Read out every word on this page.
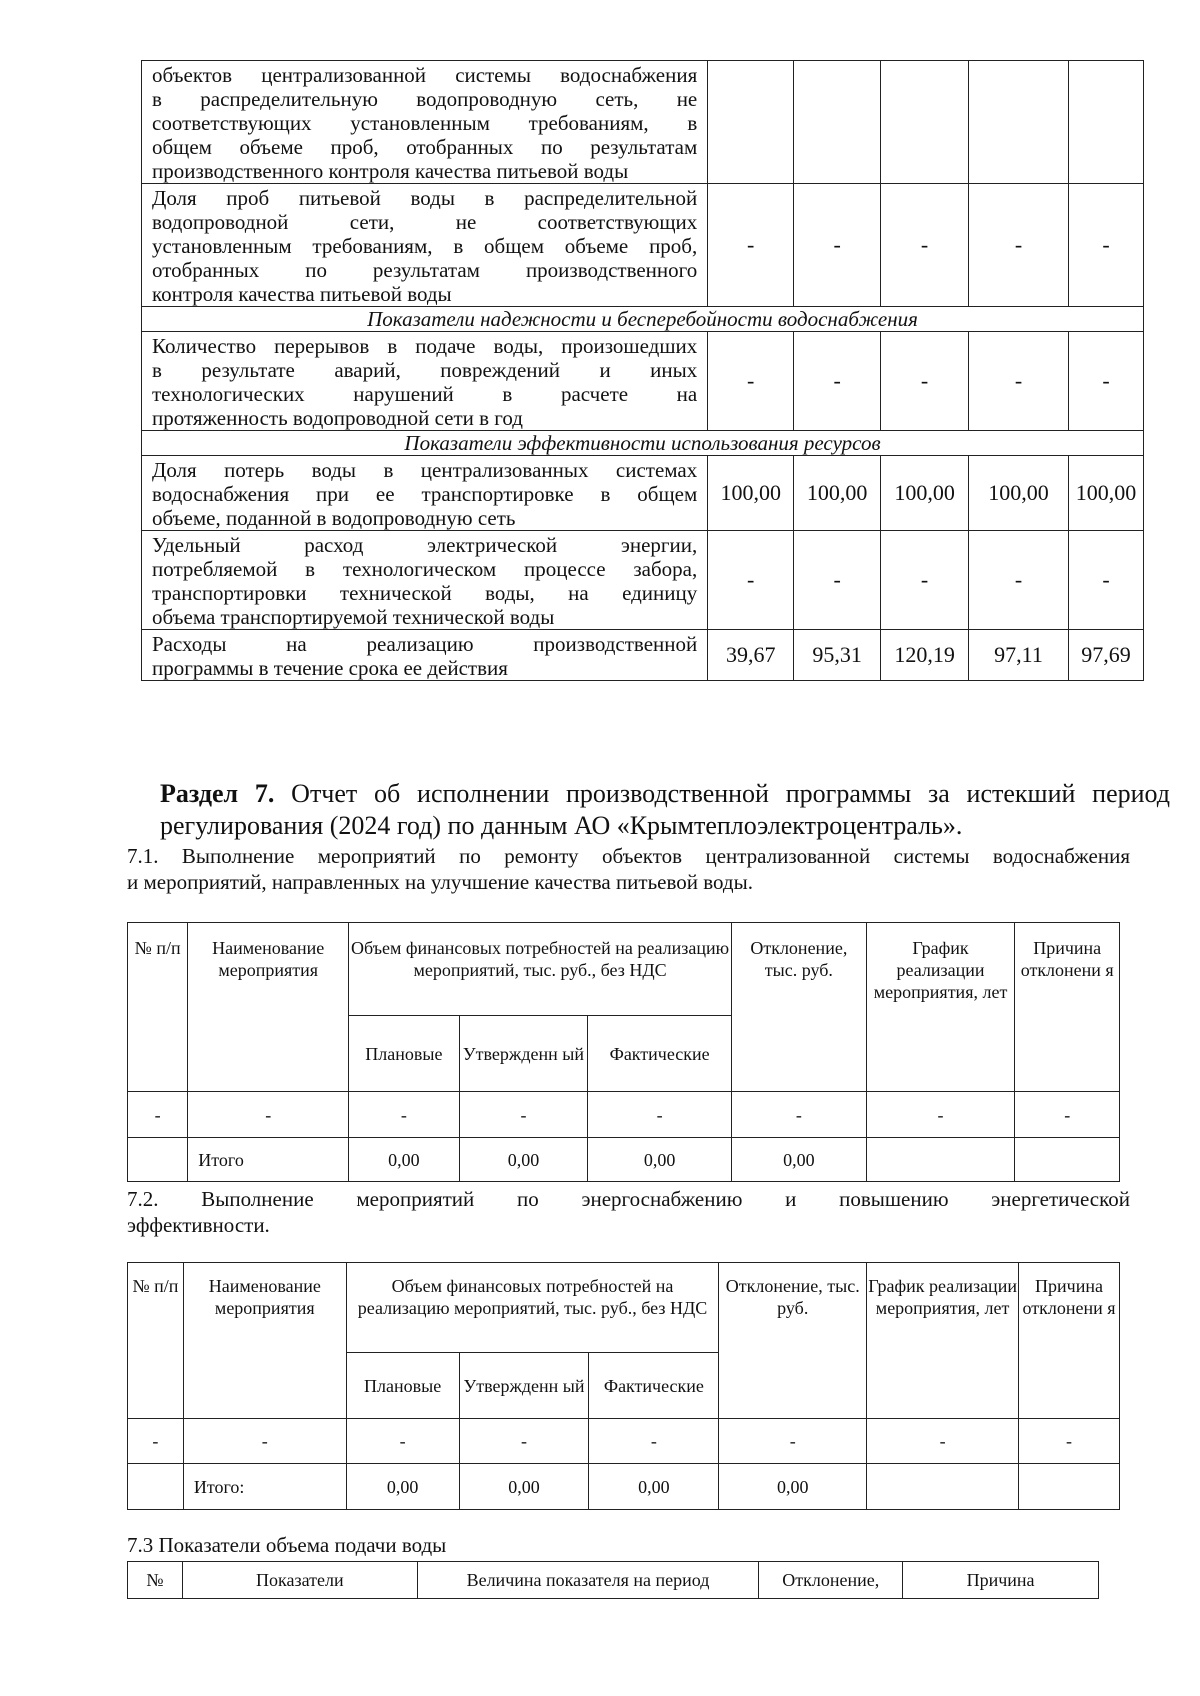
объектов централизованной системы водоснабжения
в распределительную водопроводную сеть, не
соответствующих установленным требованиям, в
общем объеме проб, отобранных по результатам
производственного контроля качества питьевой воды					

Доля проб питьевой воды в распределительной
водопроводной сети, не соответствующих
установленным требованиям, в общем объеме проб,
отобранных по результатам производственного
контроля качества питьевой воды	-	-	-	-	-
Показатели надежности и бесперебойности водоснабжения					

Количество перерывов в подаче воды, произошедших
в результате аварий, повреждений и иных
технологических нарушений в расчете на
протяженность водопроводной сети в год	-	-	-	-	-
Показатели эффективности использования ресурсов					

Доля потерь воды в централизованных системах
водоснабжения при ее транспортировке в общем
объеме, поданной в водопроводную сеть	100,00	100,00	100,00	100,00	100,00

Удельный расход электрической энергии,
потребляемой в технологическом процессе забора,
транспортировки технической воды, на единицу
объема транспортируемой технической воды	-	-	-	-	-

Расходы на реализацию производственной
программы в течение срока ее действия	39,67	95,31	120,19	97,11	97,69
Раздел 7. Отчет об исполнении производственной программы за истекший период
регулирования (2024 год) по данным АО «Крымтеплоэлектроцентраль».
7.1. Выполнение мероприятий по ремонту объектов централизованной системы водоснабжения
и мероприятий, направленных на улучшение качества питьевой воды.
№ п/п	Наименование мероприятия	Объем финансовых потребностей на реализацию мероприятий, тыс. руб., без НДС			Отклонение, тыс. руб.	График реализации мероприятия, лет	Причина отклонени я
		Плановые	Утвержденн ый	Фактические			
-	-	-	-	-	-	-	-
	Итого	0,00	0,00	0,00	0,00		
7.2. Выполнение мероприятий по энергоснабжению и повышению энергетической
эффективности.
№ п/п	Наименование мероприятия	Объем финансовых потребностей на реализацию мероприятий, тыс. руб., без НДС			Отклонение, тыс. руб.	График реализации мероприятия, лет	Причина отклонени я
		Плановые	Утвержденн ый	Фактические			
-	-	-	-	-	-	-	-
	Итого:	0,00	0,00	0,00	0,00		
7.3 Показатели объема подачи воды
№	Показатели	Величина показателя на период	Отклонение,	Причина
